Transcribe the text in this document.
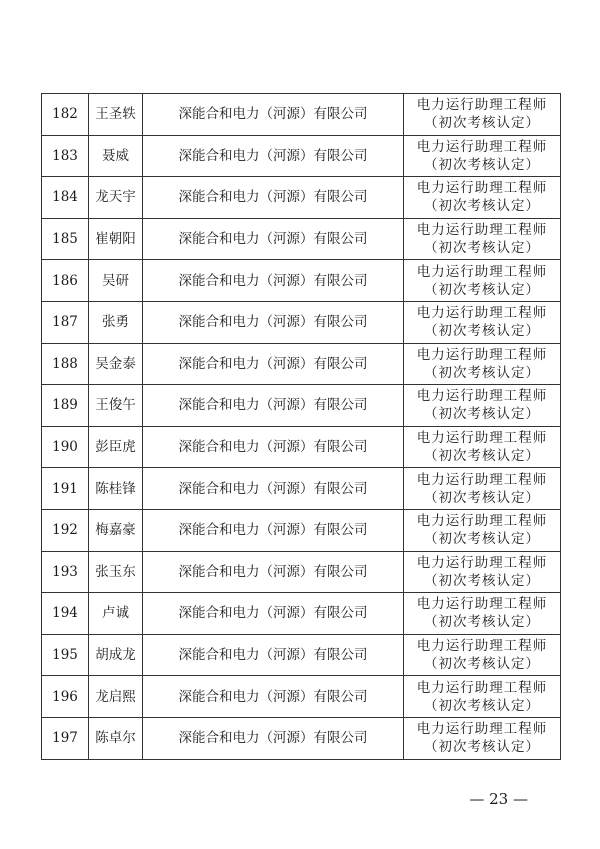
182	王圣轶	深能合和电力（河源）有限公司	电力运行助理工程师
（初次考核认定）

183	聂威	深能合和电力（河源）有限公司	电力运行助理工程师
（初次考核认定）

184	龙天宇	深能合和电力（河源）有限公司	电力运行助理工程师
（初次考核认定）

185	崔朝阳	深能合和电力（河源）有限公司	电力运行助理工程师
（初次考核认定）

186	吴研	深能合和电力（河源）有限公司	电力运行助理工程师
（初次考核认定）

187	张勇	深能合和电力（河源）有限公司	电力运行助理工程师
（初次考核认定）

188	吴金泰	深能合和电力（河源）有限公司	电力运行助理工程师
（初次考核认定）

189	王俊午	深能合和电力（河源）有限公司	电力运行助理工程师
（初次考核认定）

190	彭臣虎	深能合和电力（河源）有限公司	电力运行助理工程师
（初次考核认定）

191	陈桂锋	深能合和电力（河源）有限公司	电力运行助理工程师
（初次考核认定）

192	梅嘉豪	深能合和电力（河源）有限公司	电力运行助理工程师
（初次考核认定）

193	张玉东	深能合和电力（河源）有限公司	电力运行助理工程师
（初次考核认定）

194	卢诚	深能合和电力（河源）有限公司	电力运行助理工程师
（初次考核认定）

195	胡成龙	深能合和电力（河源）有限公司	电力运行助理工程师
（初次考核认定）

196	龙启熙	深能合和电力（河源）有限公司	电力运行助理工程师
（初次考核认定）

197	陈卓尔	深能合和电力（河源）有限公司	电力运行助理工程师
（初次考核认定）
— 23 —
